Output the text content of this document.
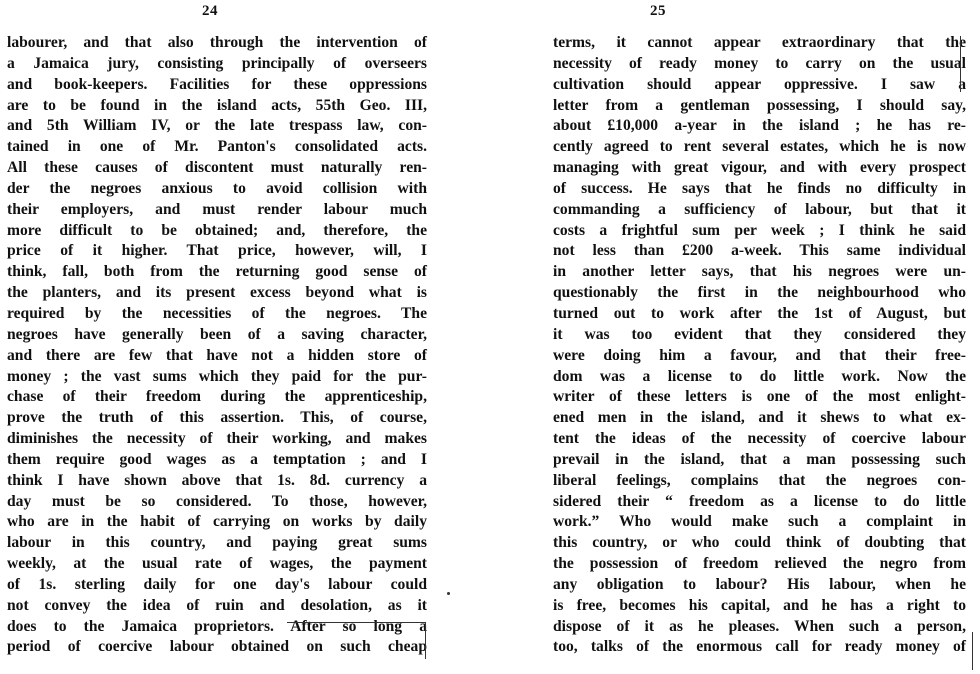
24
labourer, and that also through the intervention of
a Jamaica jury, consisting principally of overseers
and book-keepers. Facilities for these oppressions
are to be found in the island acts, 55th Geo. III,
and 5th William IV, or the late trespass law, con-
tained in one of Mr. Panton's consolidated acts.
All these causes of discontent must naturally ren-
der the negroes anxious to avoid collision with
their employers, and must render labour much
more difficult to be obtained; and, therefore, the
price of it higher. That price, however, will, I
think, fall, both from the returning good sense of
the planters, and its present excess beyond what is
required by the necessities of the negroes. The
negroes have generally been of a saving character,
and there are few that have not a hidden store of
money ; the vast sums which they paid for the pur-
chase of their freedom during the apprenticeship,
prove the truth of this assertion. This, of course,
diminishes the necessity of their working, and makes
them require good wages as a temptation ; and I
think I have shown above that 1s. 8d. currency a
day must be so considered. To those, however,
who are in the habit of carrying on works by daily
labour in this country, and paying great sums
weekly, at the usual rate of wages, the payment
of 1s. sterling daily for one day's labour could
not convey the idea of ruin and desolation, as it
does to the Jamaica proprietors. After so long a
period of coercive labour obtained on such cheap
25
terms, it cannot appear extraordinary that the
necessity of ready money to carry on the usual
cultivation should appear oppressive. I saw a
letter from a gentleman possessing, I should say,
about £10,000 a-year in the island ; he has re-
cently agreed to rent several estates, which he is now
managing with great vigour, and with every prospect
of success. He says that he finds no difficulty in
commanding a sufficiency of labour, but that it
costs a frightful sum per week ; I think he said
not less than £200 a-week. This same individual
in another letter says, that his negroes were un-
questionably the first in the neighbourhood who
turned out to work after the 1st of August, but
it was too evident that they considered they
were doing him a favour, and that their free-
dom was a license to do little work. Now the
writer of these letters is one of the most enlight-
ened men in the island, and it shews to what ex-
tent the ideas of the necessity of coercive labour
prevail in the island, that a man possessing such
liberal feelings, complains that the negroes con-
sidered their “ freedom as a license to do little
work.” Who would make such a complaint in
this country, or who could think of doubting that
the possession of freedom relieved the negro from
any obligation to labour? His labour, when he
is free, becomes his capital, and he has a right to
dispose of it as he pleases. When such a person,
too, talks of the enormous call for ready money of
